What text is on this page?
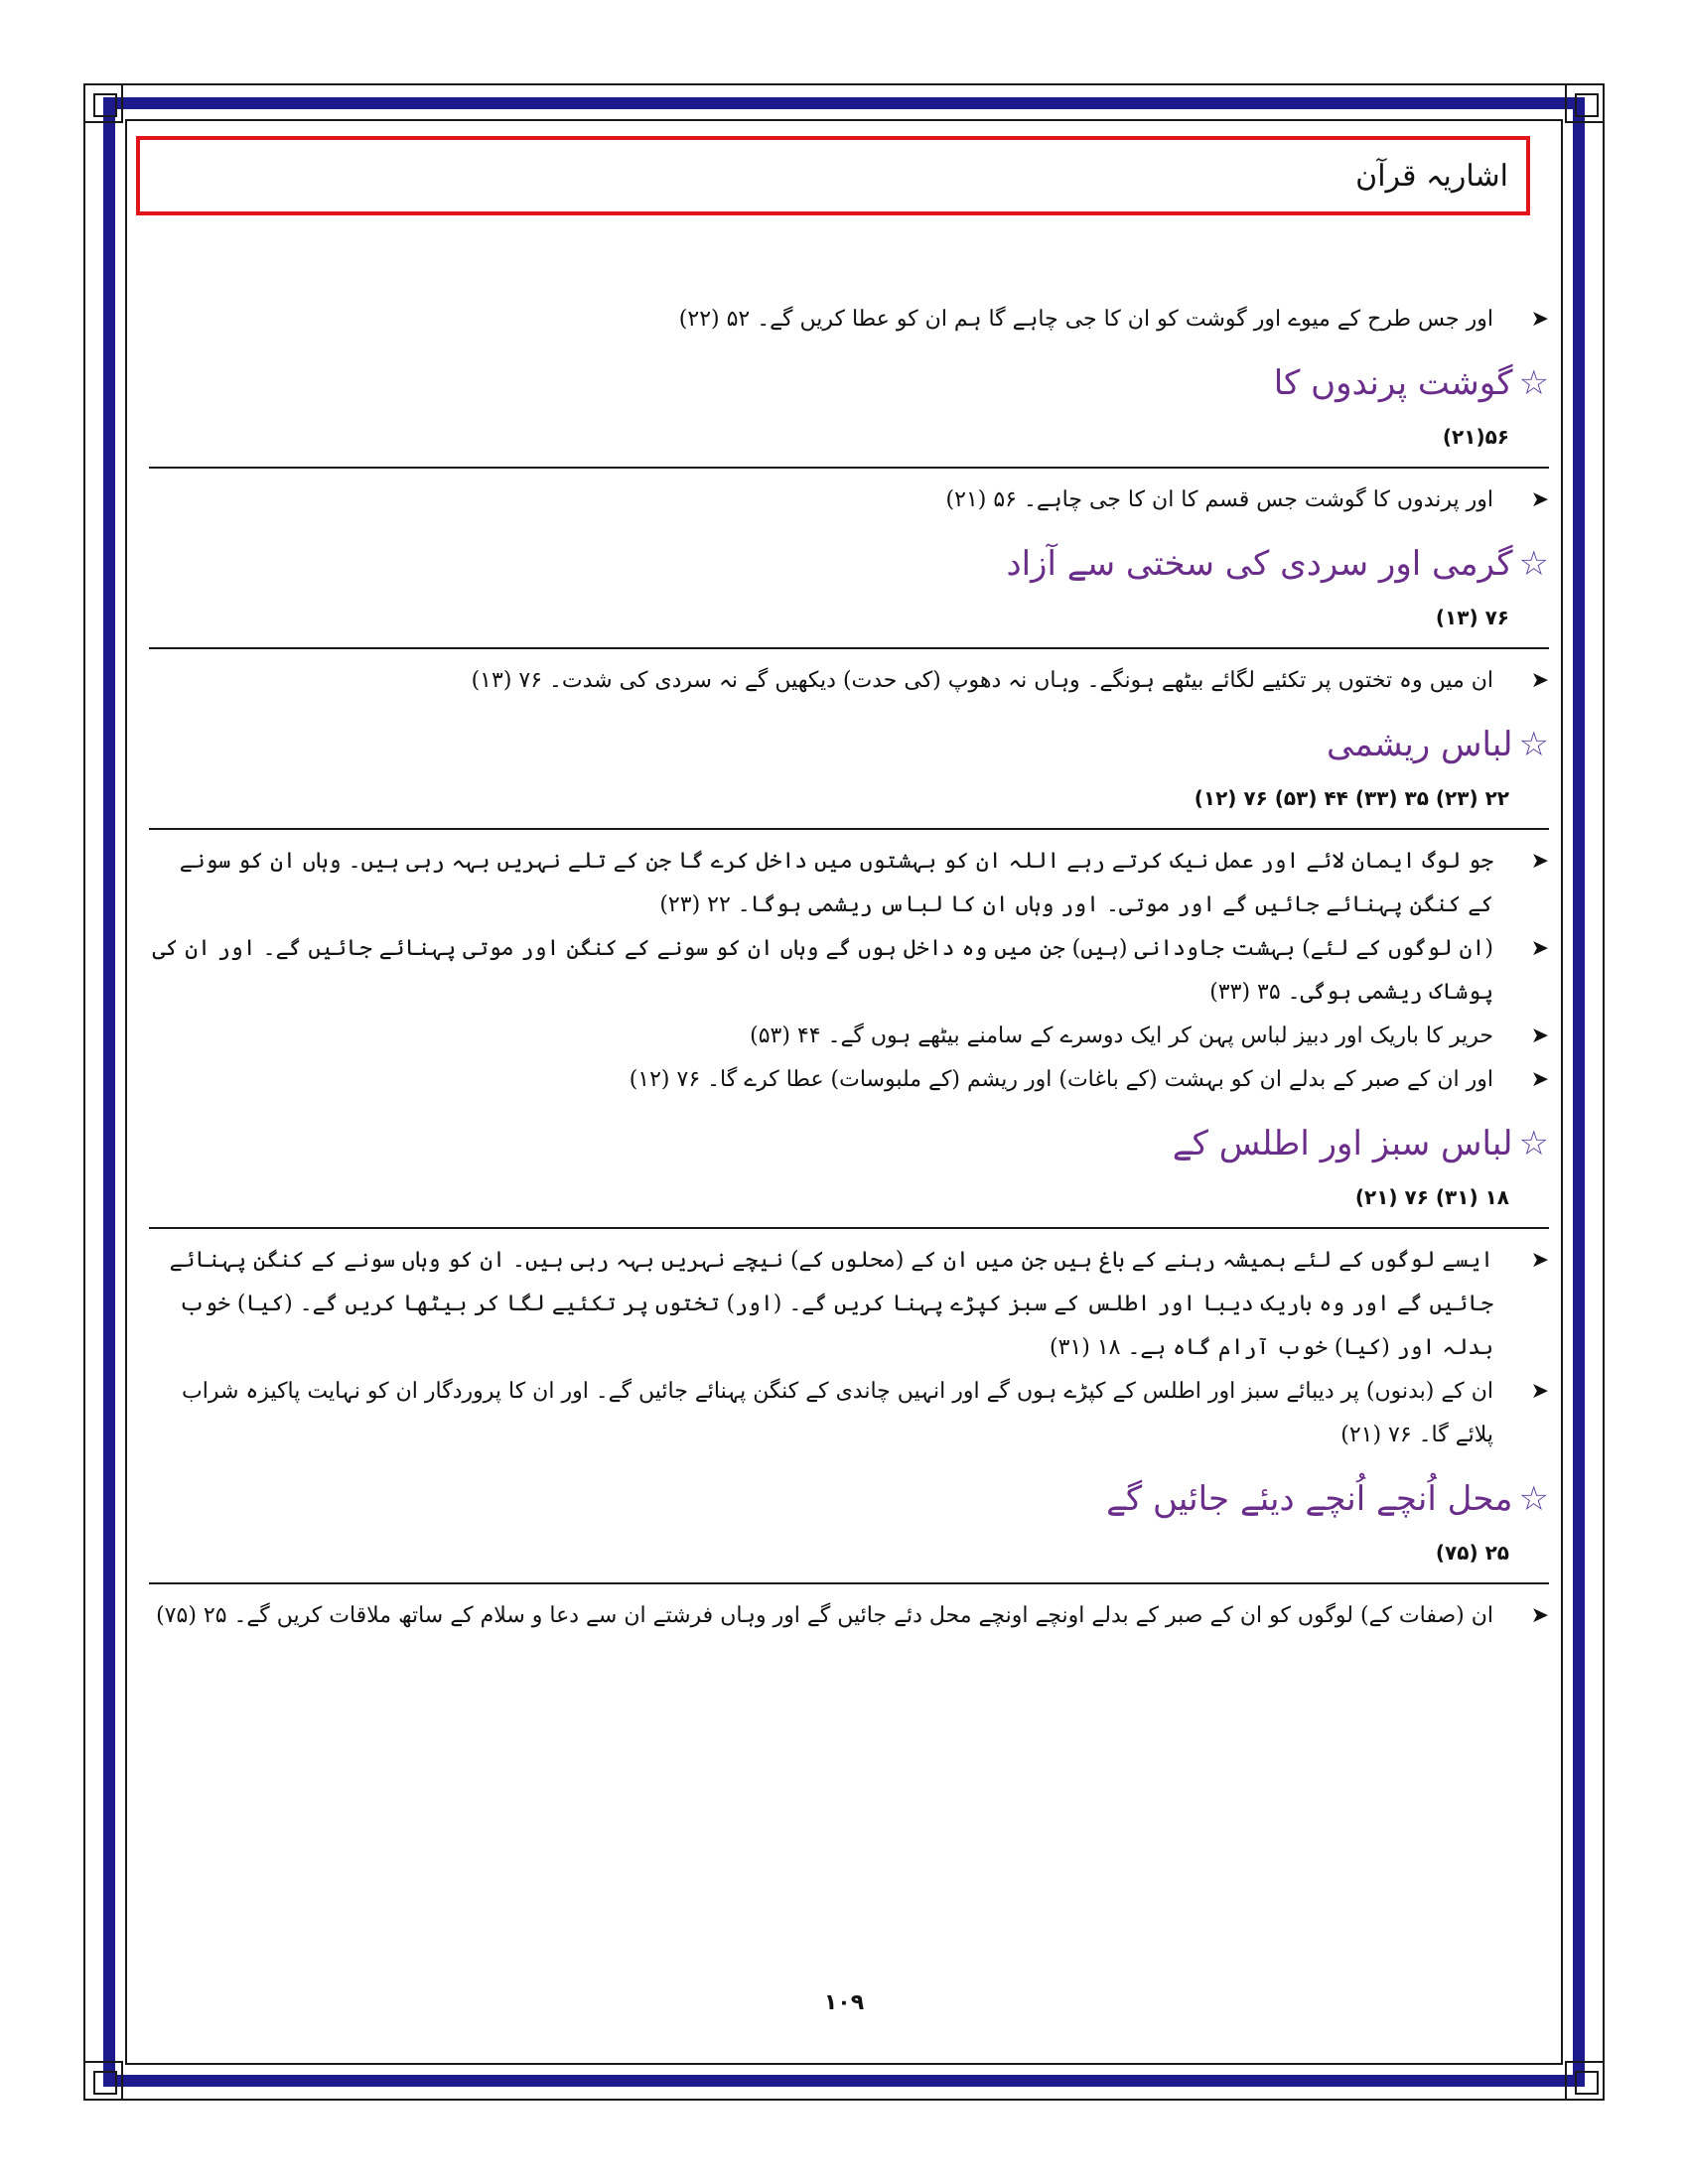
اشاریہ قرآن

➤
اور جس طرح کے میوے اور گوشت کو ان کا جی چاہے گا ہم ان کو عطا کریں گے۔ ۵۲ (۲۲)

☆گوشت پرندوں کا

۵۶(۲۱)

➤
اور پرندوں کا گوشت جس قسم کا ان کا جی چاہے۔ ۵۶ (۲۱)

☆گرمی اور سردی کی سختی سے آزاد

۷۶ (۱۳)

➤
ان میں وہ تختوں پر تکئیے لگائے بیٹھے ہونگے۔ وہاں نہ دھوپ (کی حدت) دیکھیں گے نہ سردی کی شدت۔ ۷۶ (۱۳)

☆لباس ریشمی

۲۲ (۲۳) ۳۵ (۳۳) ۴۴ (۵۳) ۷۶ (۱۲)

➤
جو لوگ ایمان لائے اور عمل نیک کرتے رہے اللہ ان کو بہشتوں میں داخل کرے گا جن کے تلے نہریں بہہ رہی ہیں۔ وہاں ان کو سونے کے کنگن پہنائے جائیں گے اور موتی۔ اور وہاں ان کا لباس ریشمی ہوگا۔ ۲۲ (۲۳)

➤
(ان لوگوں کے لئے) بہشت جاودانی (ہیں) جن میں وہ داخل ہوں گے وہاں ان کو سونے کے کنگن اور موتی پہنائے جائیں گے۔ اور ان کی پوشاک ریشمی ہوگی۔ ۳۵ (۳۳)

➤
حریر کا باریک اور دبیز لباس پہن کر ایک دوسرے کے سامنے بیٹھے ہوں گے۔ ۴۴ (۵۳)

➤
اور ان کے صبر کے بدلے ان کو بہشت (کے باغات) اور ریشم (کے ملبوسات) عطا کرے گا۔ ۷۶ (۱۲)

☆لباس سبز اور اطلس کے

۱۸ (۳۱) ۷۶ (۲۱)

➤
ایسے لوگوں کے لئے ہمیشہ رہنے کے باغ ہیں جن میں ان کے (محلوں کے) نیچے نہریں بہہ رہی ہیں۔ ان کو وہاں سونے کے کنگن پہنائے جائیں گے اور وہ باریک دیبا اور اطلس کے سبز کپڑے پہنا کریں گے۔ (اور) تختوں پر تکئیے لگا کر بیٹھا کریں گے۔ (کیا) خوب بدلہ اور (کیا) خوب آرام گاہ ہے۔ ۱۸ (۳۱)

➤
ان کے (بدنوں) پر دیبائے سبز اور اطلس کے کپڑے ہوں گے اور انہیں چاندی کے کنگن پہنائے جائیں گے۔ اور ان کا پروردگار ان کو نہایت پاکیزہ شراب پلائے گا۔ ۷۶ (۲۱)

☆محل اُنچے اُنچے دیئے جائیں گے

۲۵ (۷۵)

➤
ان (صفات کے) لوگوں کو ان کے صبر کے بدلے اونچے اونچے محل دئے جائیں گے اور وہاں فرشتے ان سے دعا و سلام کے ساتھ ملاقات کریں گے۔ ۲۵ (۷۵)

۱۰۹
